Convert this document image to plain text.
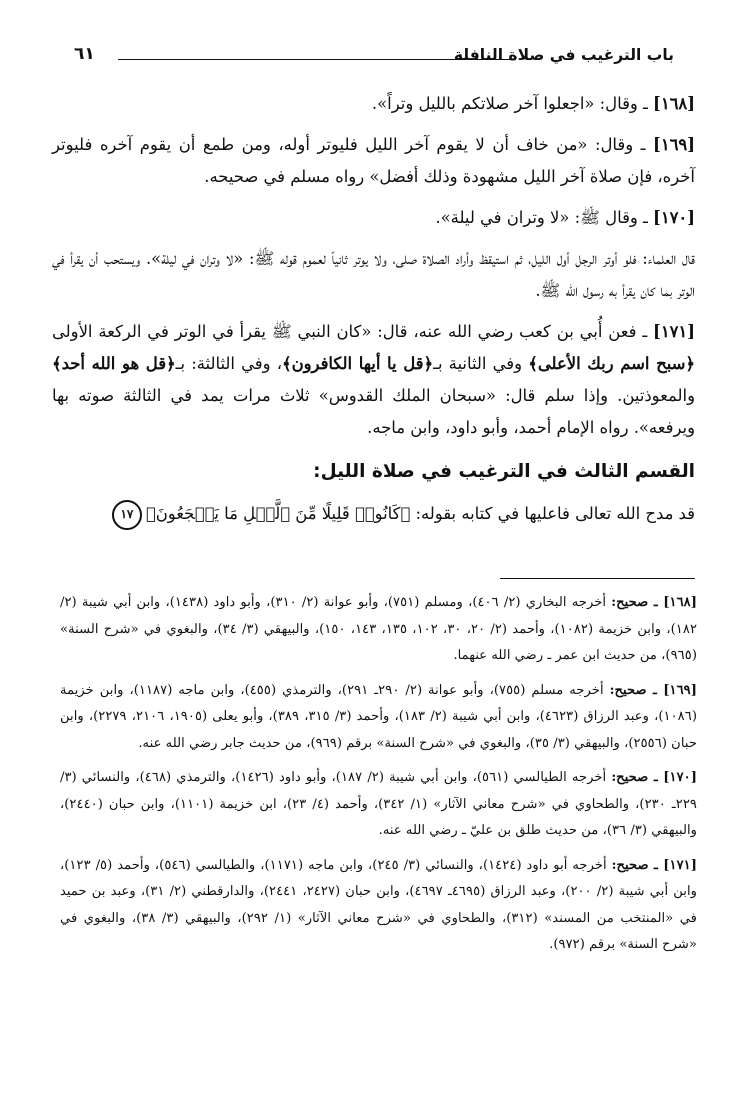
باب الترغيب في صلاة النافلة
٦١

[١٦٨] ـ وقال: «اجعلوا آخر صلاتكم بالليل وتراً».

[١٦٩] ـ وقال: «من خاف أن لا يقوم آخر الليل فليوتر أوله، ومن طمع أن يقوم آخره فليوتر آخره، فإن صلاة آخر الليل مشهودة وذلك أفضل» رواه مسلم في صحيحه.

[١٧٠] ـ وقال ﷺ: «لا وتران في ليلة».

قال العلماء: فلو أوتر الرجل أول الليل، ثم استيقظ وأراد الصلاة صلى، ولا يوتر ثانياً لعموم قوله ﷺ: «لا وتران في ليلة». ويستحب أن يقرأ في الوتر بما كان يقرأ به رسول الله ﷺ.

[١٧١] ـ فعن أُبي بن كعب رضي الله عنه، قال: «كان النبي ﷺ يقرأ في الوتر في الركعة الأولى ﴿سبح اسم ربك الأعلى﴾ وفي الثانية بـ﴿قل يا أيها الكافرون﴾، وفي الثالثة: بـ﴿قل هو الله أحد﴾ والمعوذتين. وإذا سلم قال: «سبحان الملك القدوس» ثلاث مرات يمد في الثالثة صوته بها ويرفعه». رواه الإمام أحمد، وأبو داود، وابن ماجه.

القسم الثالث في الترغيب في صلاة الليل:

قد مدح الله تعالى فاعليها في كتابه بقوله: ﴿كَانُوا۟ قَلِيلًا مِّنَ ٱلَّيۡلِ مَا يَهۡجَعُونَ﴾١٧

[١٦٨] ـ صحيح: أخرجه البخاري (٢/ ٤٠٦)، ومسلم (٧٥١)، وأبو عوانة (٢/ ٣١٠)، وأبو داود (١٤٣٨)، وابن أبي شيبة (٢/ ١٨٢)، وابن خزيمة (١٠٨٢)، وأحمد (٢/ ٢٠، ٣٠، ١٠٢، ١٣٥، ١٤٣، ١٥٠)، والبيهقي (٣/ ٣٤)، والبغوي في «شرح السنة» (٩٦٥)، من حديث ابن عمر ـ رضي الله عنهما.

[١٦٩] ـ صحيح: أخرجه مسلم (٧٥٥)، وأبو عوانة (٢/ ٢٩٠ـ ٢٩١)، والترمذي (٤٥٥)، وابن ماجه (١١٨٧)، وابن خزيمة (١٠٨٦)، وعبد الرزاق (٤٦٢٣)، وابن أبي شيبة (٢/ ١٨٣)، وأحمد (٣/ ٣١٥، ٣٨٩)، وأبو يعلى (١٩٠٥، ٢١٠٦، ٢٢٧٩)، وابن حبان (٢٥٥٦)، والبيهقي (٣/ ٣٥)، والبغوي في «شرح السنة» برقم (٩٦٩)، من حديث جابر رضي الله عنه.

[١٧٠] ـ صحيح: أخرجه الطيالسي (٥٦١)، وابن أبي شيبة (٢/ ١٨٧)، وأبو داود (١٤٢٦)، والترمذي (٤٦٨)، والنسائي (٣/ ٢٢٩ـ ٢٣٠)، والطحاوي في «شرح معاني الآثار» (١/ ٣٤٢)، وأحمد (٤/ ٢٣)، ابن خزيمة (١١٠١)، وابن حبان (٢٤٤٠)، والبيهقي (٣/ ٣٦)، من حديث طلق بن عليّ ـ رضي الله عنه.

[١٧١] ـ صحيح: أخرجه أبو داود (١٤٢٤)، والنسائي (٣/ ٢٤٥)، وابن ماجه (١١٧١)، والطيالسي (٥٤٦)، وأحمد (٥/ ١٢٣)، وابن أبي شيبة (٢/ ٢٠٠)، وعبد الرزاق (٤٦٩٥ـ ٤٦٩٧)، وابن حبان (٢٤٢٧، ٢٤٤١)، والدارقطني (٢/ ٣١)، وعبد بن حميد في «المنتخب من المسند» (٣١٢)، والطحاوي في «شرح معاني الآثار» (١/ ٢٩٢)، والبيهقي (٣/ ٣٨)، والبغوي في «شرح السنة» برقم (٩٧٢).
